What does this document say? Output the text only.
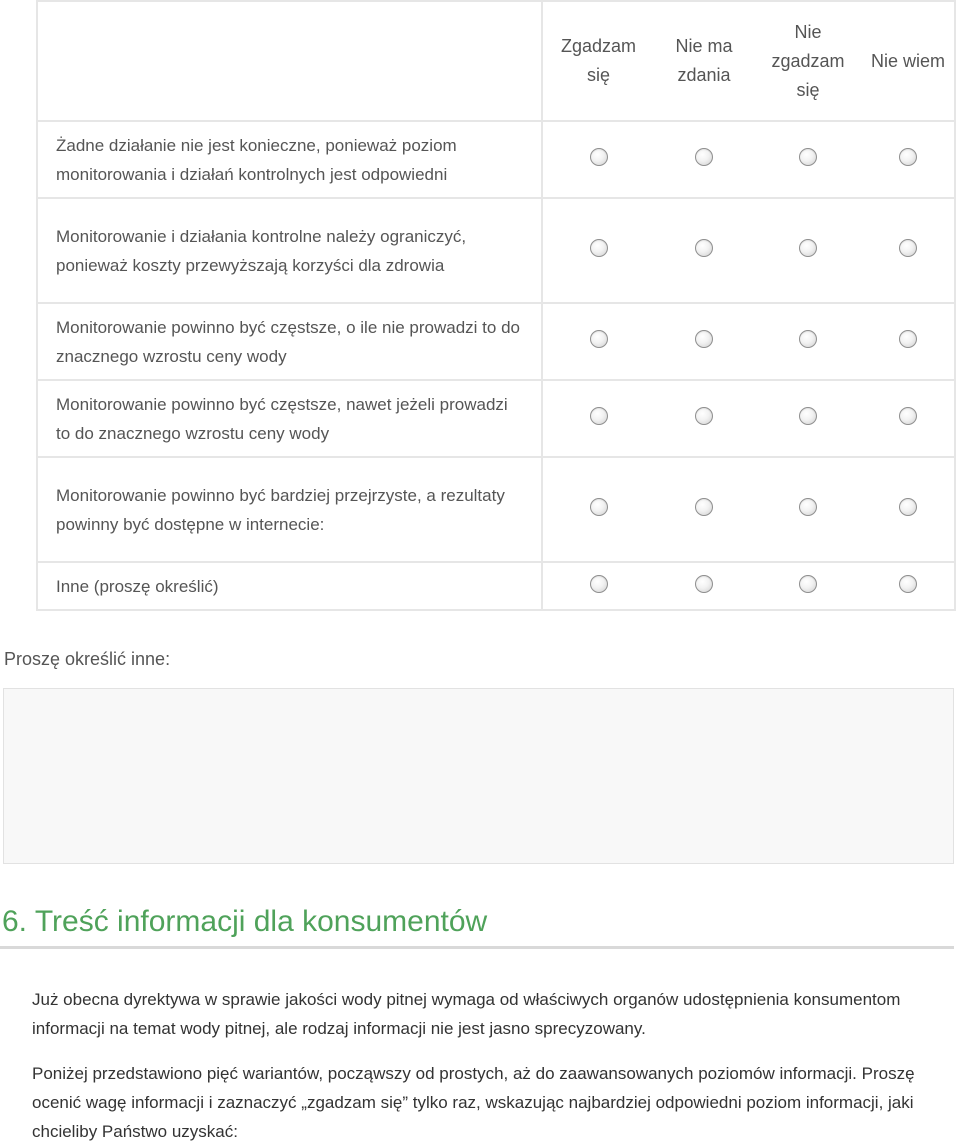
	Zgadzam się	Nie ma zdania	Nie zgadzam się	Nie wiem
Żadne działanie nie jest konieczne, ponieważ poziom monitorowania i działań kontrolnych jest odpowiedni				
Monitorowanie i działania kontrolne należy ograniczyć, ponieważ koszty przewyższają korzyści dla zdrowia				
Monitorowanie powinno być częstsze, o ile nie prowadzi to do znacznego wzrostu ceny wody				
Monitorowanie powinno być częstsze, nawet jeżeli prowadzi to do znacznego wzrostu ceny wody				
Monitorowanie powinno być bardziej przejrzyste, a rezultaty powinny być dostępne w internecie:				
Inne (proszę określić)				
Proszę określić inne:
6. Treść informacji dla konsumentów

Już obecna dyrektywa w sprawie jakości wody pitnej wymaga od właściwych organów udostępnienia konsumentom informacji na temat wody pitnej, ale rodzaj informacji nie jest jasno sprecyzowany.

Poniżej przedstawiono pięć wariantów, począwszy od prostych, aż do zaawansowanych poziomów informacji. Proszę ocenić wagę informacji i zaznaczyć „zgadzam się” tylko raz, wskazując najbardziej odpowiedni poziom informacji, jaki chcieliby Państwo uzyskać:
